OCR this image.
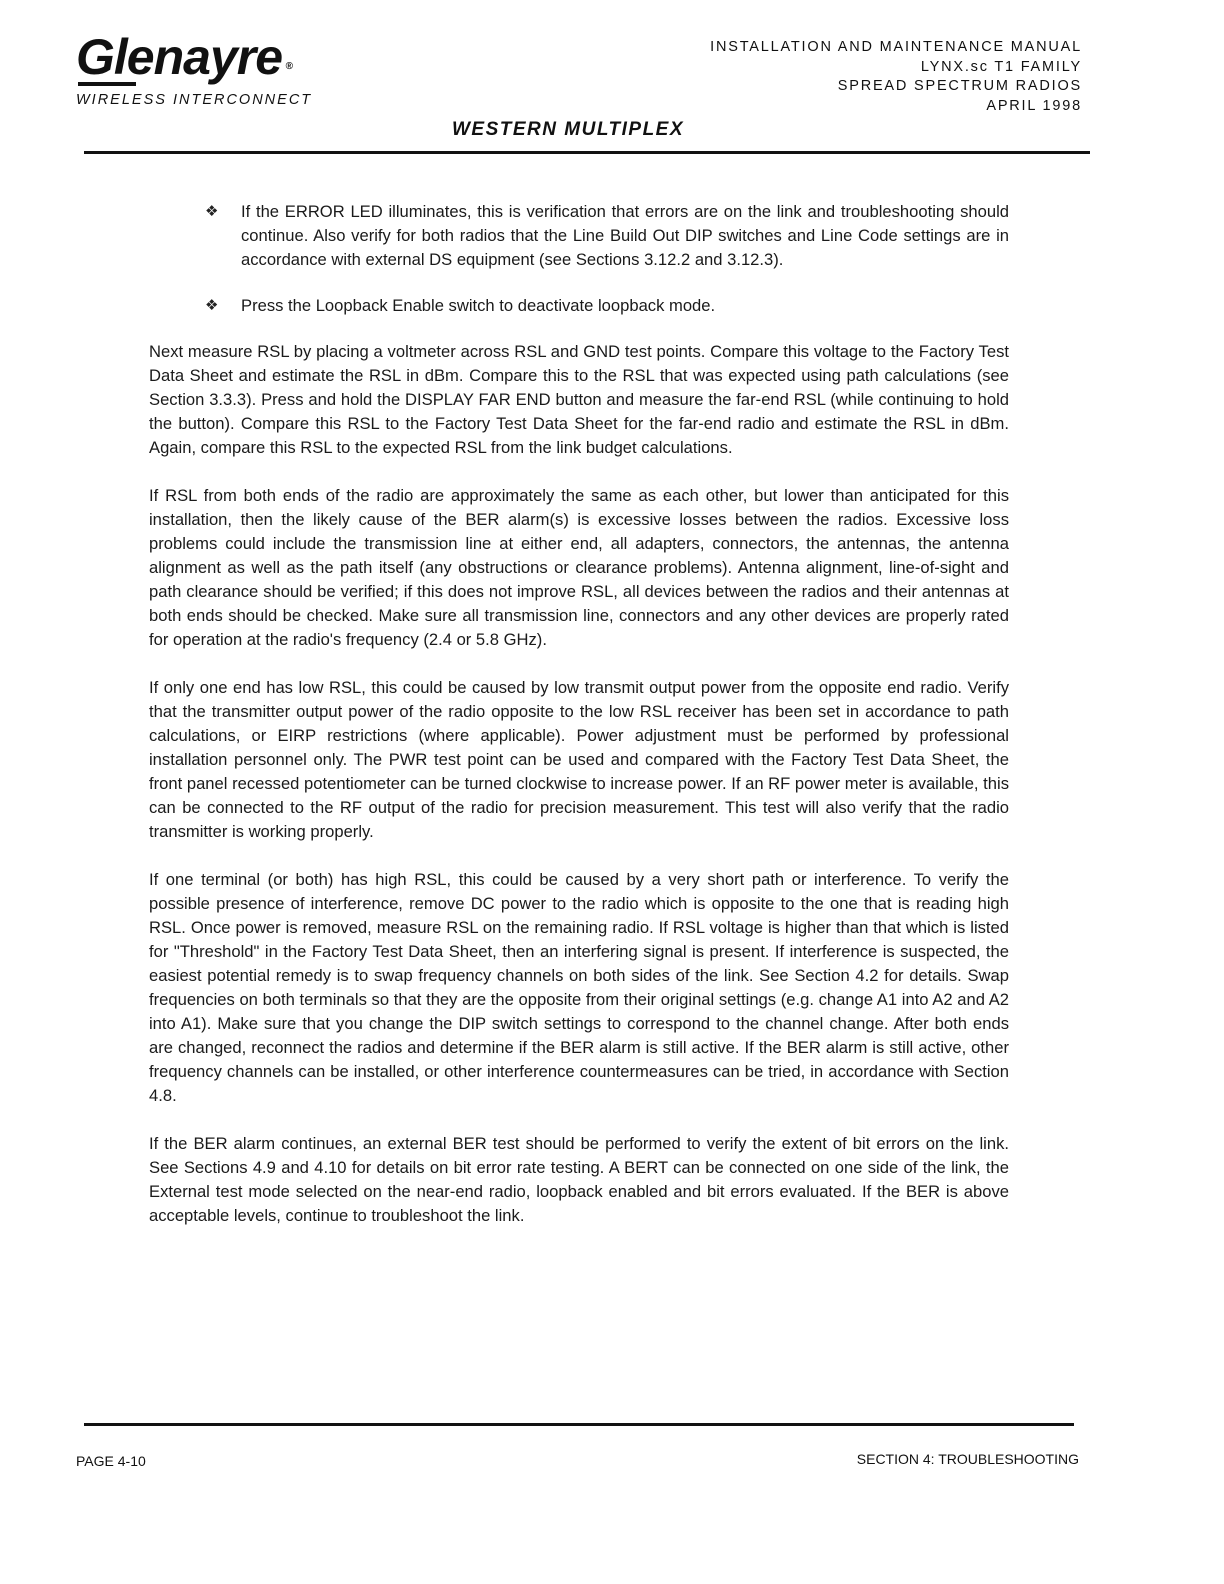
Glenayre ®
WIRELESS INTERCONNECT
INSTALLATION AND MAINTENANCE MANUAL
LYNX.sc T1 FAMILY
SPREAD SPECTRUM RADIOS
APRIL 1998
WESTERN MULTIPLEX
❖ If the ERROR LED illuminates, this is verification that errors are on the link and troubleshooting should continue. Also verify for both radios that the Line Build Out DIP switches and Line Code settings are in accordance with external DS equipment (see Sections 3.12.2 and 3.12.3).
❖ Press the Loopback Enable switch to deactivate loopback mode.

Next measure RSL by placing a voltmeter across RSL and GND test points. Compare this voltage to the Factory Test Data Sheet and estimate the RSL in dBm. Compare this to the RSL that was expected using path calculations (see Section 3.3.3). Press and hold the DISPLAY FAR END button and measure the far-end RSL (while continuing to hold the button). Compare this RSL to the Factory Test Data Sheet for the far-end radio and estimate the RSL in dBm. Again, compare this RSL to the expected RSL from the link budget calculations.

If RSL from both ends of the radio are approximately the same as each other, but lower than anticipated for this installation, then the likely cause of the BER alarm(s) is excessive losses between the radios. Excessive loss problems could include the transmission line at either end, all adapters, connectors, the antennas, the antenna alignment as well as the path itself (any obstructions or clearance problems). Antenna alignment, line-of-sight and path clearance should be verified; if this does not improve RSL, all devices between the radios and their antennas at both ends should be checked. Make sure all transmission line, connectors and any other devices are properly rated for operation at the radio's frequency (2.4 or 5.8 GHz).

If only one end has low RSL, this could be caused by low transmit output power from the opposite end radio. Verify that the transmitter output power of the radio opposite to the low RSL receiver has been set in accordance to path calculations, or EIRP restrictions (where applicable). Power adjustment must be performed by professional installation personnel only. The PWR test point can be used and compared with the Factory Test Data Sheet, the front panel recessed potentiometer can be turned clockwise to increase power. If an RF power meter is available, this can be connected to the RF output of the radio for precision measurement. This test will also verify that the radio transmitter is working properly.

If one terminal (or both) has high RSL, this could be caused by a very short path or interference. To verify the possible presence of interference, remove DC power to the radio which is opposite to the one that is reading high RSL. Once power is removed, measure RSL on the remaining radio. If RSL voltage is higher than that which is listed for "Threshold" in the Factory Test Data Sheet, then an interfering signal is present. If interference is suspected, the easiest potential remedy is to swap frequency channels on both sides of the link. See Section 4.2 for details. Swap frequencies on both terminals so that they are the opposite from their original settings (e.g. change A1 into A2 and A2 into A1). Make sure that you change the DIP switch settings to correspond to the channel change. After both ends are changed, reconnect the radios and determine if the BER alarm is still active. If the BER alarm is still active, other frequency channels can be installed, or other interference countermeasures can be tried, in accordance with Section 4.8.

If the BER alarm continues, an external BER test should be performed to verify the extent of bit errors on the link. See Sections 4.9 and 4.10 for details on bit error rate testing. A BERT can be connected on one side of the link, the External test mode selected on the near-end radio, loopback enabled and bit errors evaluated. If the BER is above acceptable levels, continue to troubleshoot the link.

PAGE 4-10	SECTION 4: TROUBLESHOOTING
